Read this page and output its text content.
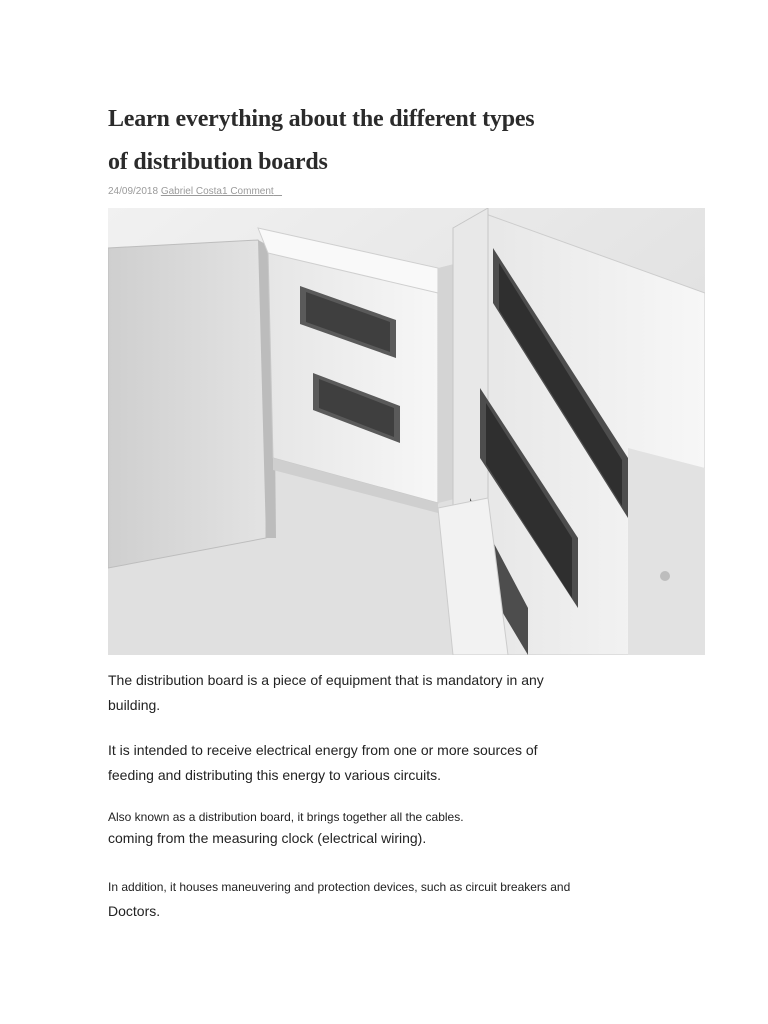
Learn everything about the different types
of distribution boards
24/09/2018 Gabriel Costa1 Comment

The distribution board is a piece of equipment that is mandatory in any
building.

It is intended to receive electrical energy from one or more sources of
feeding and distributing this energy to various circuits.

Also known as a distribution board, it brings together all the cables.
coming from the measuring clock (electrical wiring).

In addition, it houses maneuvering and protection devices, such as circuit breakers and
Doctors.
